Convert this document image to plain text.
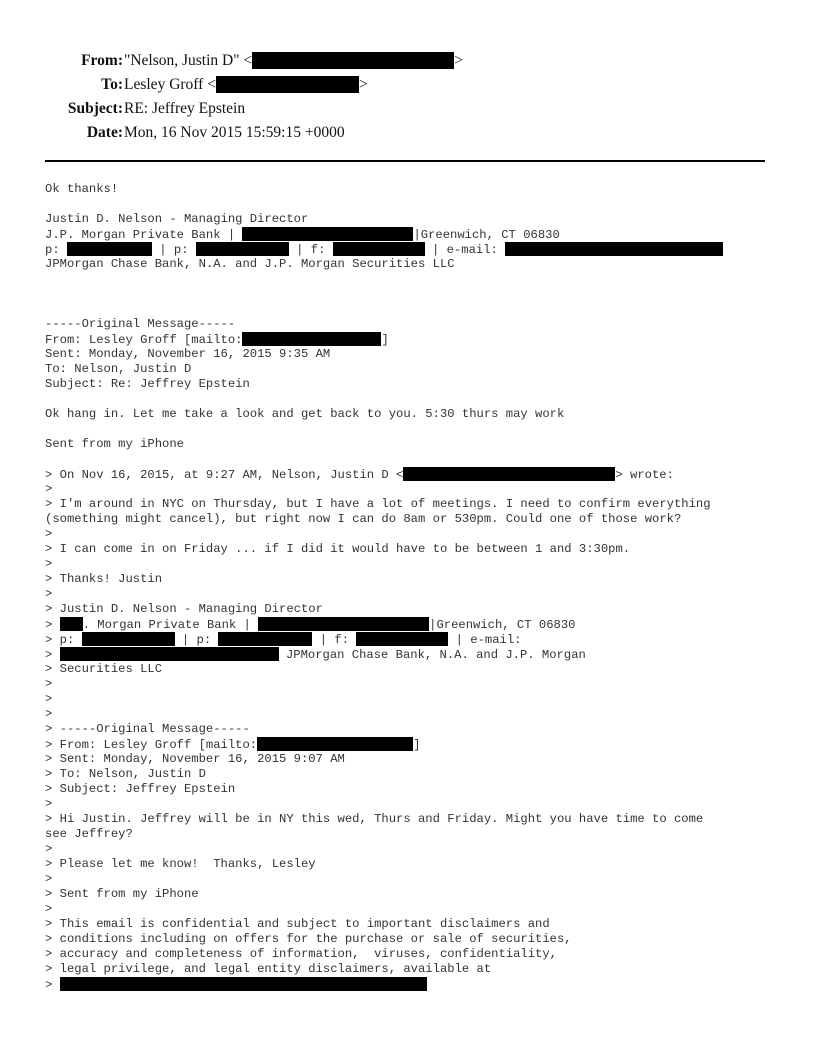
From: "Nelson, Justin D" <	>
To: Lesley Groff <	>
Subject: RE: Jeffrey Epstein
Date: Mon, 16 Nov 2015 15:59:15 +0000
Ok thanks!
Justin D. Nelson - Managing Director
J.P. Morgan Private Bank |	|Greenwich, CT 06830
p:	| p:	| f:	| e-mail:
JPMorgan Chase Bank, N.A. and J.P. Morgan Securities LLC
-----Original Message-----
From: Lesley Groff [mailto:	]
Sent: Monday, November 16, 2015 9:35 AM
To: Nelson, Justin D
Subject: Re: Jeffrey Epstein
Ok hang in. Let me take a look and get back to you. 5:30 thurs may work
Sent from my iPhone
> On Nov 16, 2015, at 9:27 AM, Nelson, Justin D <	> wrote:
>
> I'm around in NYC on Thursday, but I have a lot of meetings. I need to confirm everything
(something might cancel), but right now I can do 8am or 530pm. Could one of those work?
>
> I can come in on Friday ... if I did it would have to be between 1 and 3:30pm.
>
> Thanks! Justin
>
> Justin D. Nelson - Managing Director
> . Morgan Private Bank |	|Greenwich, CT 06830
> p:	| p:	| f:	| e-mail:
>	JPMorgan Chase Bank, N.A. and J.P. Morgan
> Securities LLC
>
>
>
> -----Original Message-----
> From: Lesley Groff [mailto:	]
> Sent: Monday, November 16, 2015 9:07 AM
> To: Nelson, Justin D
> Subject: Jeffrey Epstein
>
> Hi Justin. Jeffrey will be in NY this wed, Thurs and Friday. Might you have time to come
see Jeffrey?
>
> Please let me know!  Thanks, Lesley
>
> Sent from my iPhone
>
> This email is confidential and subject to important disclaimers and
> conditions including on offers for the purchase or sale of securities,
> accuracy and completeness of information,  viruses, confidentiality,
> legal privilege, and legal entity disclaimers, available at
>
